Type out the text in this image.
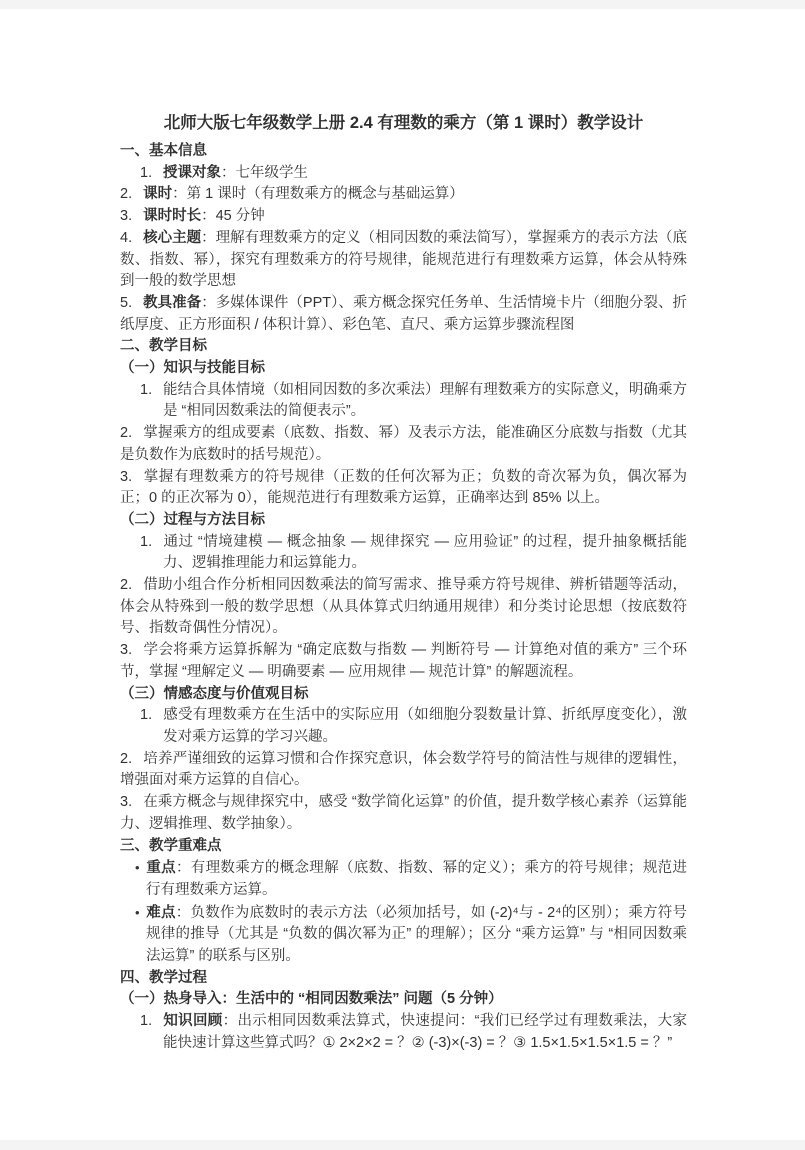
北师大版七年级数学上册 2.4 有理数的乘方（第 1 课时）教学设计

一、基本信息

1. 授课对象：七年级学生

2. 课时：第 1 课时（有理数乘方的概念与基础运算）

3. 课时时长：45 分钟

4. 核心主题：理解有理数乘方的定义（相同因数的乘法简写），掌握乘方的表示方法（底数、指数、幂），探究有理数乘方的符号规律，能规范进行有理数乘方运算，体会从特殊到一般的数学思想

5. 教具准备：多媒体课件（PPT）、乘方概念探究任务单、生活情境卡片（细胞分裂、折纸厚度、正方形面积 / 体积计算）、彩色笔、直尺、乘方运算步骤流程图

二、教学目标

（一）知识与技能目标

1. 能结合具体情境（如相同因数的多次乘法）理解有理数乘方的实际意义，明确乘方是 “相同因数乘法的简便表示”。

2. 掌握乘方的组成要素（底数、指数、幂）及表示方法，能准确区分底数与指数（尤其是负数作为底数时的括号规范）。

3. 掌握有理数乘方的符号规律（正数的任何次幂为正；负数的奇次幂为负，偶次幂为正；0 的正次幂为 0），能规范进行有理数乘方运算，正确率达到 85% 以上。

（二）过程与方法目标

1. 通过 “情境建模 — 概念抽象 — 规律探究 — 应用验证” 的过程，提升抽象概括能力、逻辑推理能力和运算能力。

2. 借助小组合作分析相同因数乘法的简写需求、推导乘方符号规律、辨析错题等活动，体会从特殊到一般的数学思想（从具体算式归纳通用规律）和分类讨论思想（按底数符号、指数奇偶性分情况）。

3. 学会将乘方运算拆解为 “确定底数与指数 — 判断符号 — 计算绝对值的乘方” 三个环节，掌握 “理解定义 — 明确要素 — 应用规律 — 规范计算” 的解题流程。

（三）情感态度与价值观目标

1. 感受有理数乘方在生活中的实际应用（如细胞分裂数量计算、折纸厚度变化），激发对乘方运算的学习兴趣。

2. 培养严谨细致的运算习惯和合作探究意识，体会数学符号的简洁性与规律的逻辑性，增强面对乘方运算的自信心。

3. 在乘方概念与规律探究中，感受 “数学简化运算” 的价值，提升数学核心素养（运算能力、逻辑推理、数学抽象）。

三、教学重难点

• 重点：有理数乘方的概念理解（底数、指数、幂的定义）；乘方的符号规律；规范进行有理数乘方运算。

• 难点：负数作为底数时的表示方法（必须加括号，如 (-2)⁴与 - 2⁴的区别）；乘方符号规律的推导（尤其是 “负数的偶次幂为正” 的理解）；区分 “乘方运算” 与 “相同因数乘法运算” 的联系与区别。

四、教学过程

（一）热身导入：生活中的 “相同因数乘法” 问题（5 分钟）

1. 知识回顾：出示相同因数乘法算式，快速提问：“我们已经学过有理数乘法，大家能快速计算这些算式吗？① 2×2×2 = ？② (-3)×(-3) = ？③ 1.5×1.5×1.5×1.5 = ？”
